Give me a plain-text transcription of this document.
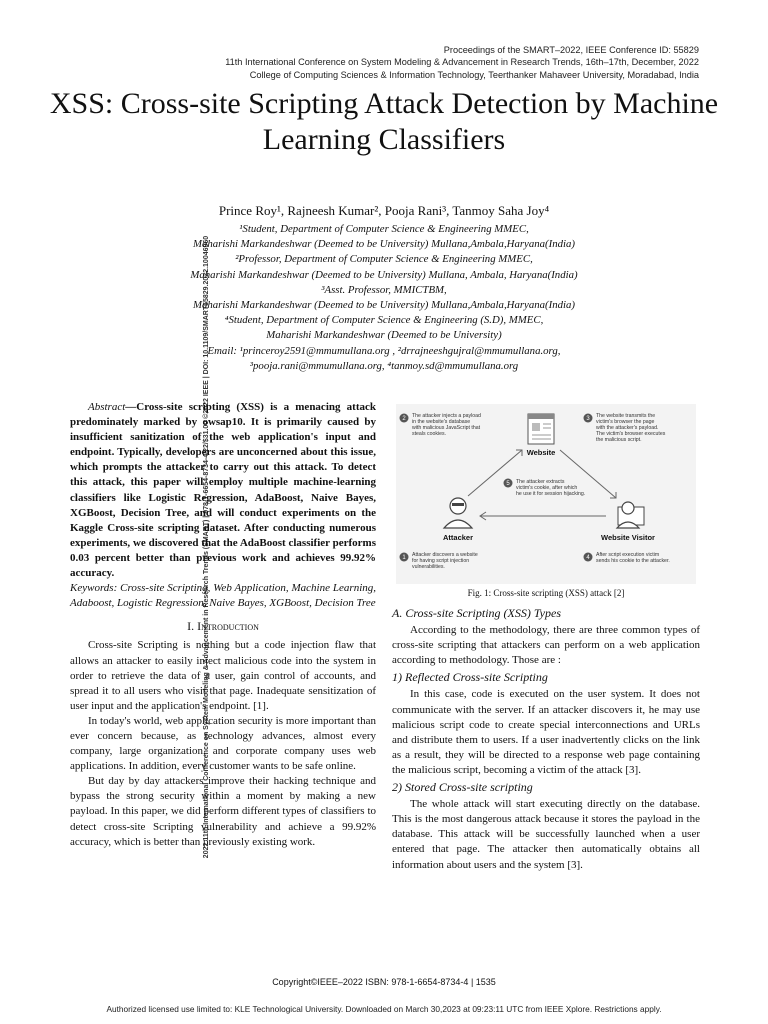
Proceedings of the SMART–2022, IEEE Conference ID: 55829
11th International Conference on System Modeling & Advancement in Research Trends, 16th–17th, December, 2022
College of Computing Sciences & Information Technology, Teerthanker Mahaveer University, Moradabad, India
2022 11th International Conference on System Modeling & Advancement in Research Trends (SMART) | 978-1-6654-8734-4/22/$31.00 ©2022 IEEE | DOI: 10.1109/SMART55829.2022.10046960
XSS: Cross-site Scripting Attack Detection by Machine Learning Classifiers
Prince Roy¹, Rajneesh Kumar², Pooja Rani³, Tanmoy Saha Joy⁴
¹Student, Department of Computer Science & Engineering MMEC,
Maharishi Markandeshwar (Deemed to be University) Mullana,Ambala,Haryana(India)
²Professor, Department of Computer Science & Engineering MMEC,
Maharishi Markandeshwar (Deemed to be University) Mullana, Ambala, Haryana(India)
³Asst. Professor, MMICTBM,
Maharishi Markandeshwar (Deemed to be University) Mullana,Ambala,Haryana(India)
⁴Student, Department of Computer Science & Engineering (S.D), MMEC,
Maharishi Markandeshwar (Deemed to be University)
Email: ¹princeroy2591@mmumullana.org , ²drrajneeshgujral@mmumullana.org,
³pooja.rani@mmumullana.org, ⁴tanmoy.sd@mmumullana.org
Abstract—Cross-site scripting (XSS) is a menacing attack predominately marked by owsap10. It is primarily caused by insufficient sanitization of the web application's input and endpoint. Typically, developers are unconcerned about this issue, which prompts the attacker to carry out this attack. To detect this attack, this paper will employ multiple machine-learning classifiers like Logistic Regression, AdaBoost, Naive Bayes, XGBoost, Decision Tree, and will conduct experiments on the Kaggle Cross-site scripting dataset. After conducting numerous experiments, we discovered that the AdaBoost classifier performs 0.03 percent better than previous work and achieves 99.92% accuracy.
Keywords: Cross-site Scripting, Web Application, Machine Learning, Adaboost, Logistic Regression, Naive Bayes, XGBoost, Decision Tree
I. Introduction

Cross-site Scripting is nothing but a code injection flaw that allows an attacker to easily inject malicious code into the system in order to retrieve the data of a user, gain control of accounts, and spread it to all users who visit that page. Inadequate sensitization of user input and the application's endpoint. [1].

In today's world, web application security is more important than ever concern because, as technology advances, almost every company, large organization, and corporate company uses web applications. In addition, every customer wants to be safe online.

But day by day attackers improve their hacking technique and bypass the strong security within a moment by making a new payload. In this paper, we did perform different types of classifiers to detect cross-site Scripting vulnerability and achieve a 99.92% accuracy, which is better than previously existing work.

Website
Attacker	Website Visitor
2	3
5
1	4
The attacker injects a payload
in the website's database
with malicious JavaScript that
steals cookies.
The website transmits the
victim's browser the page
with the attacker's payload.
The victim's browser executes
the malicious script.
The attacker extracts
victim's cookie, after which
he use it for session hijacking.
Attacker discovers a website
for having script injection
vulnerabilities.
After script execution victim
sends his cookie to the attacker.
Fig. 1: Cross-site scripting (XSS) attack [2]
A. Cross-site Scripting (XSS) Types

According to the methodology, there are three common types of cross-site scripting that attackers can perform on a web application according to methodology. Those are :

1) Reflected Cross-site Scripting

In this case, code is executed on the user system. It does not communicate with the server. If an attacker discovers it, he may use malicious script code to create special interconnections and URLs and distribute them to users. If a user inadvertently clicks on the link as a result, they will be directed to a response web page containing the malicious script, becoming a victim of the attack [3].

2) Stored Cross-site scripting

The whole attack will start executing directly on the database. This is the most dangerous attack because it stores the payload in the database. This attack will be successfully launched when a user entered that page. The attacker then automatically obtains all information about users and the system [3].

Copyright©IEEE–2022 ISBN: 978-1-6654-8734-4 | 1535
Authorized licensed use limited to: KLE Technological University. Downloaded on March 30,2023 at 09:23:11 UTC from IEEE Xplore. Restrictions apply.
